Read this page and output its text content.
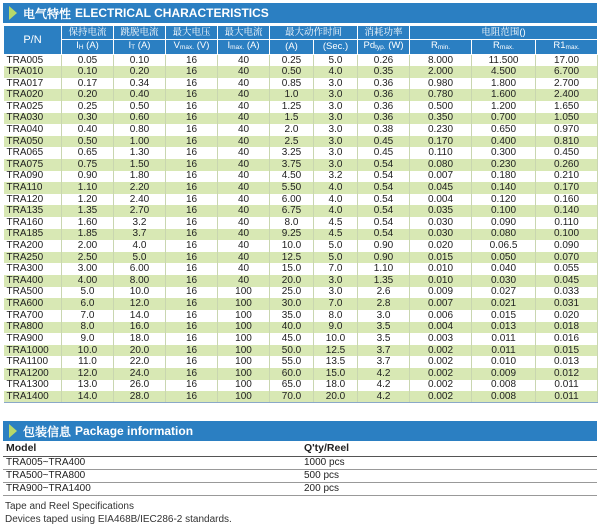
电气特性 ELECTRICAL CHARACTERISTICS
P/N	保持电流	跳脱电流	最大电压	最大电流	最大动作时间		消耗功率	电阻范围()		
	IH (A)	IT (A)	Vmax. (V)	Imax. (A)	(A)	(Sec.)	Pdtyp. (W)	Rmin.	Rmax.	R1max.
TRA005	0.05	0.10	16	40	0.25	5.0	0.26	8.000	11.500	17.00
TRA010	0.10	0.20	16	40	0.50	4.0	0.35	2.000	4.500	6.700
TRA017	0.17	0.34	16	40	0.85	3.0	0.36	0.980	1.800	2.700
TRA020	0.20	0.40	16	40	1.0	3.0	0.36	0.780	1.600	2.400
TRA025	0.25	0.50	16	40	1.25	3.0	0.36	0.500	1.200	1.650
TRA030	0.30	0.60	16	40	1.5	3.0	0.36	0.350	0.700	1.050
TRA040	0.40	0.80	16	40	2.0	3.0	0.38	0.230	0.650	0.970
TRA050	0.50	1.00	16	40	2.5	3.0	0.45	0.170	0.400	0.810
TRA065	0.65	1.30	16	40	3.25	3.0	0.45	0.110	0.300	0.450
TRA075	0.75	1.50	16	40	3.75	3.0	0.54	0.080	0.230	0.260
TRA090	0.90	1.80	16	40	4.50	3.2	0.54	0.007	0.180	0.210
TRA110	1.10	2.20	16	40	5.50	4.0	0.54	0.045	0.140	0.170
TRA120	1.20	2.40	16	40	6.00	4.0	0.54	0.004	0.120	0.160
TRA135	1.35	2.70	16	40	6.75	4.0	0.54	0.035	0.100	0.140
TRA160	1.60	3.2	16	40	8.0	4.5	0.54	0.030	0.090	0.110
TRA185	1.85	3.7	16	40	9.25	4.5	0.54	0.030	0.080	0.100
TRA200	2.00	4.0	16	40	10.0	5.0	0.90	0.020	0.06.5	0.090
TRA250	2.50	5.0	16	40	12.5	5.0	0.90	0.015	0.050	0.070
TRA300	3.00	6.00	16	40	15.0	7.0	1.10	0.010	0.040	0.055
TRA400	4.00	8.00	16	40	20.0	3.0	1.35	0.010	0.030	0.045
TRA500	5.0	10.0	16	100	25.0	3.0	2.6	0.009	0.027	0.033
TRA600	6.0	12.0	16	100	30.0	7.0	2.8	0.007	0.021	0.031
TRA700	7.0	14.0	16	100	35.0	8.0	3.0	0.006	0.015	0.020
TRA800	8.0	16.0	16	100	40.0	9.0	3.5	0.004	0.013	0.018
TRA900	9.0	18.0	16	100	45.0	10.0	3.5	0.003	0.011	0.016
TRA1000	10.0	20.0	16	100	50.0	12.5	3.7	0.002	0.011	0.015
TRA1100	11.0	22.0	16	100	55.0	13.5	3.7	0.002	0.010	0.013
TRA1200	12.0	24.0	16	100	60.0	15.0	4.2	0.002	0.009	0.012
TRA1300	13.0	26.0	16	100	65.0	18.0	4.2	0.002	0.008	0.011
TRA1400	14.0	28.0	16	100	70.0	20.0	4.2	0.002	0.008	0.011
包装信息 Package information
Model	Q'ty/Reel
TRA005~TRA400	1000 pcs
TRA500~TRA800	500 pcs
TRA900~TRA1400	200 pcs
Tape and Reel Specifications
Devices taped using EIA468B/IEC286-2 standards.
